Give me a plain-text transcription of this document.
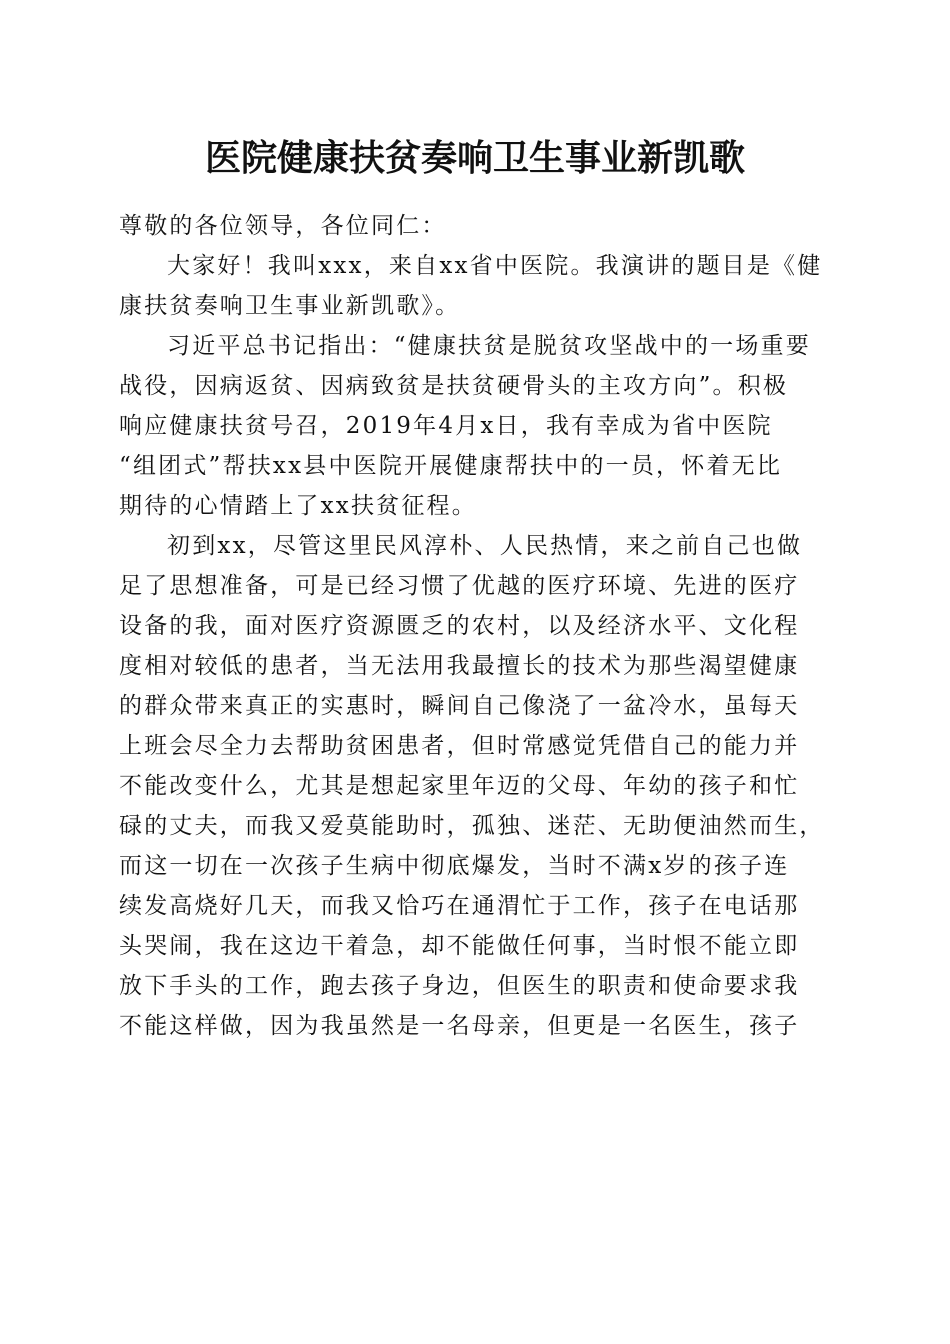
医院健康扶贫奏响卫生事业新凯歌
尊敬的各位领导，各位同仁：
大家好！我叫xxx，来自xx省中医院。我演讲的题目是《健
康扶贫奏响卫生事业新凯歌》。
习近平总书记指出：“健康扶贫是脱贫攻坚战中的一场重要
战役，因病返贫、因病致贫是扶贫硬骨头的主攻方向”。积极
响应健康扶贫号召，2019年4月x日，我有幸成为省中医院
“组团式”帮扶xx县中医院开展健康帮扶中的一员，怀着无比
期待的心情踏上了xx扶贫征程。
初到xx，尽管这里民风淳朴、人民热情，来之前自己也做
足了思想准备，可是已经习惯了优越的医疗环境、先进的医疗
设备的我，面对医疗资源匮乏的农村，以及经济水平、文化程
度相对较低的患者，当无法用我最擅长的技术为那些渴望健康
的群众带来真正的实惠时，瞬间自己像浇了一盆冷水，虽每天
上班会尽全力去帮助贫困患者，但时常感觉凭借自己的能力并
不能改变什么，尤其是想起家里年迈的父母、年幼的孩子和忙
碌的丈夫，而我又爱莫能助时，孤独、迷茫、无助便油然而生，
而这一切在一次孩子生病中彻底爆发，当时不满x岁的孩子连
续发高烧好几天，而我又恰巧在通渭忙于工作，孩子在电话那
头哭闹，我在这边干着急，却不能做任何事，当时恨不能立即
放下手头的工作，跑去孩子身边，但医生的职责和使命要求我
不能这样做，因为我虽然是一名母亲，但更是一名医生，孩子
